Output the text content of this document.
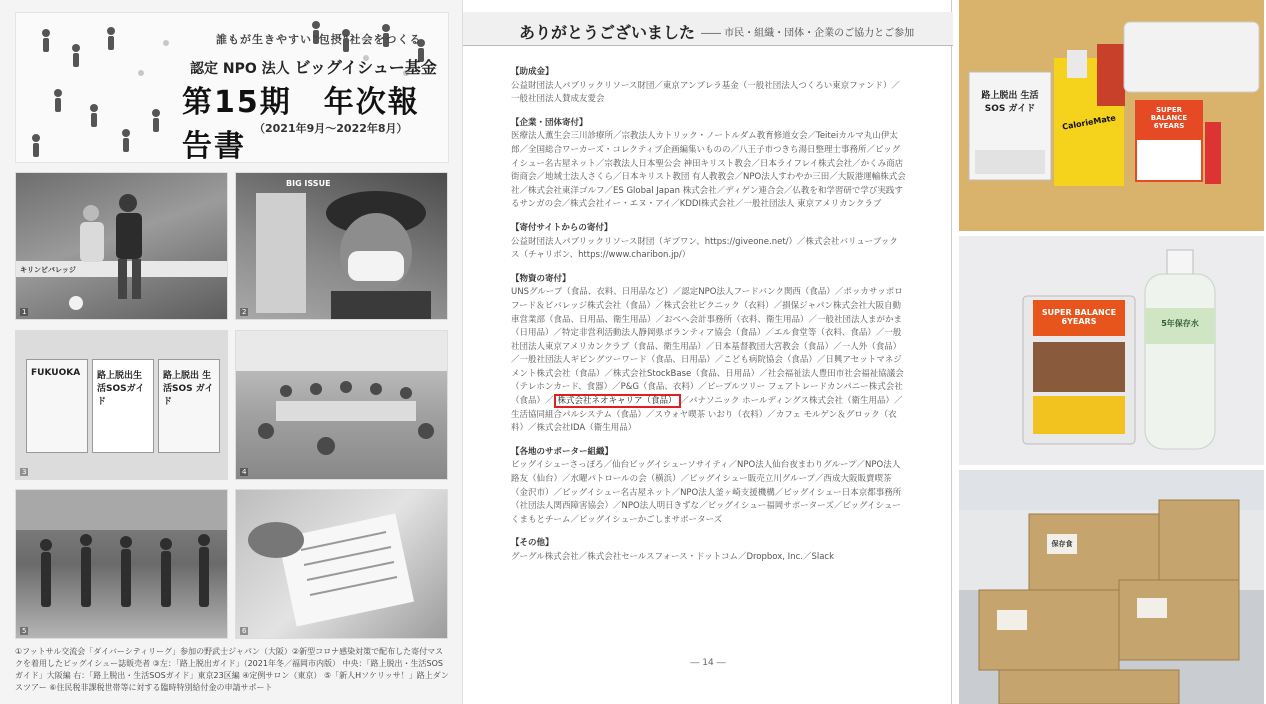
誰もが生きやすい"包摂"社会をつくる
認定 NPO 法人 ビッグイシュー基金
第15期　年次報告書
（2021年9月〜2022年8月）
キリンビバレッジ
1
BIG ISSUE
2
FUKUOKA	路上脱出生活SOSガイド
路上脱出 生活SOS ガイド
3	4
5	6
①フットサル交流会「ダイバーシティリーグ」参加の野武士ジャパン（大阪）②新型コロナ感染対策で配布した寄付マスクを着用したビッグイシュー誌販売者 ③左：「路上脱出ガイド」（2021年冬／福岡市内版） 中央：「路上脱出・生活SOSガイド」大阪編 右：「路上脱出・生活SOSガイド」東京23区編 ④定例サロン（東京） ⑤「新人Hソケリッサ！」路上ダンスツアー ⑥住民税非課税世帯等に対する臨時特別給付金の申請サポート
ありがとうございました ―― 市民・組織・団体・企業のご協力とご参加
【助成金】
公益財団法人パブリックリソース財団／東京アンブレラ基金（一般社団法人つくろい東京ファンド）／一般社団法人賛成友愛会
【企業・団体寄付】
医療法人薫生会三川診療所／宗教法人カトリック・ノートルダム教育修道女会／Teiteiカルマ丸山伊太郎／全国総合ワーカーズ・コレクティブ企画編集いものの／八王子市つきち湯日整理士事務所／ビッグイシュー名古屋ネット／宗教法人日本聖公会 神田キリスト教会／日本ライフレイ株式会社／かくみ商店街商会／地域士法人さくら／日本キリスト教団 有人教教会／NPO法人すわやか三田／大阪港運輸株式会社／株式会社東洋ゴルフ／ES Global Japan 株式会社／ディゲン連合会／仏教を和学習研で学び実践するサンガの会／株式会社イー・エヌ・アイ／KDDI株式会社／一般社団法人 東京アメリカンクラブ
【寄付サイトからの寄付】
公益財団法人パブリックリソース財団（ギブワン、https://giveone.net/）／株式会社バリューブックス（チャリボン、https://www.charibon.jp/）
【物資の寄付】
UNSグループ（食品、衣料、日用品など）／認定NPO法人フードバンク関西（食品）／ポッカサッポロフード＆ビバレッジ株式会社（食品）／株式会社ピクニック（衣料）／損保ジャパン株式会社大阪自動車営業部（食品、日用品、衛生用品）／おべへ会計事務所（衣料、衛生用品）／一般社団法人まがかま（日用品）／特定非営利活動法人静岡県ボランティア協会（食品）／エル食堂等（衣料、食品）／一般社団法人東京アメリカンクラブ（食品、衛生用品）／日本基督教団大宮教会（食品）／一人外（食品）／一般社団法人ギビングツーワード（食品、日用品）／こども病院協会（食品）／日興アセットマネジメント株式会社（食品）／株式会社StockBase（食品、日用品）／社会福祉法人豊田市社会福祉協議会（テレホンカード、食器）／P&G（食品、衣料）／ピープルツリー フェアトレードカンパニー株式会社（食品）／ 株式会社ネオキャリア（食品） ／パナソニック ホールディングス株式会社（衛生用品）／生活協同組合パルシステム（食品）／スウォヤ喫茶 いおり（衣料）／カフェ モルゲン＆グロック（衣料）／株式会社IDA（衛生用品）
【各地のサポーター組織】
ビッグイシューさっぽろ／仙台ビッグイシューソサイティ／NPO法人仙台夜まわりグループ／NPO法人路友（仙台）／水曜パトロールの会（横浜）／ビッグイシュー販売立川グループ／西成大阪販賣喫茶（金沢市）／ビッグイシュー名古屋ネット／NPO法人釜ヶ崎支援機構／ビッグイシュー日本京都事務所（社団法人関西障害協会）／NPO法人明日きずな／ビッグイシュー福岡サポーターズ／ビッグイシューくまもとチーム／ビッグイシューかごしまサポーターズ
【その他】
グーグル株式会社／株式会社セールスフォース・ドットコム／Dropbox, Inc.／Slack
― 14 ―
路上脱出 生活SOS ガイド
CalorieMate
SUPER BALANCE 6YEARS
SUPER BALANCE 6YEARS	5年保存水
保存食
